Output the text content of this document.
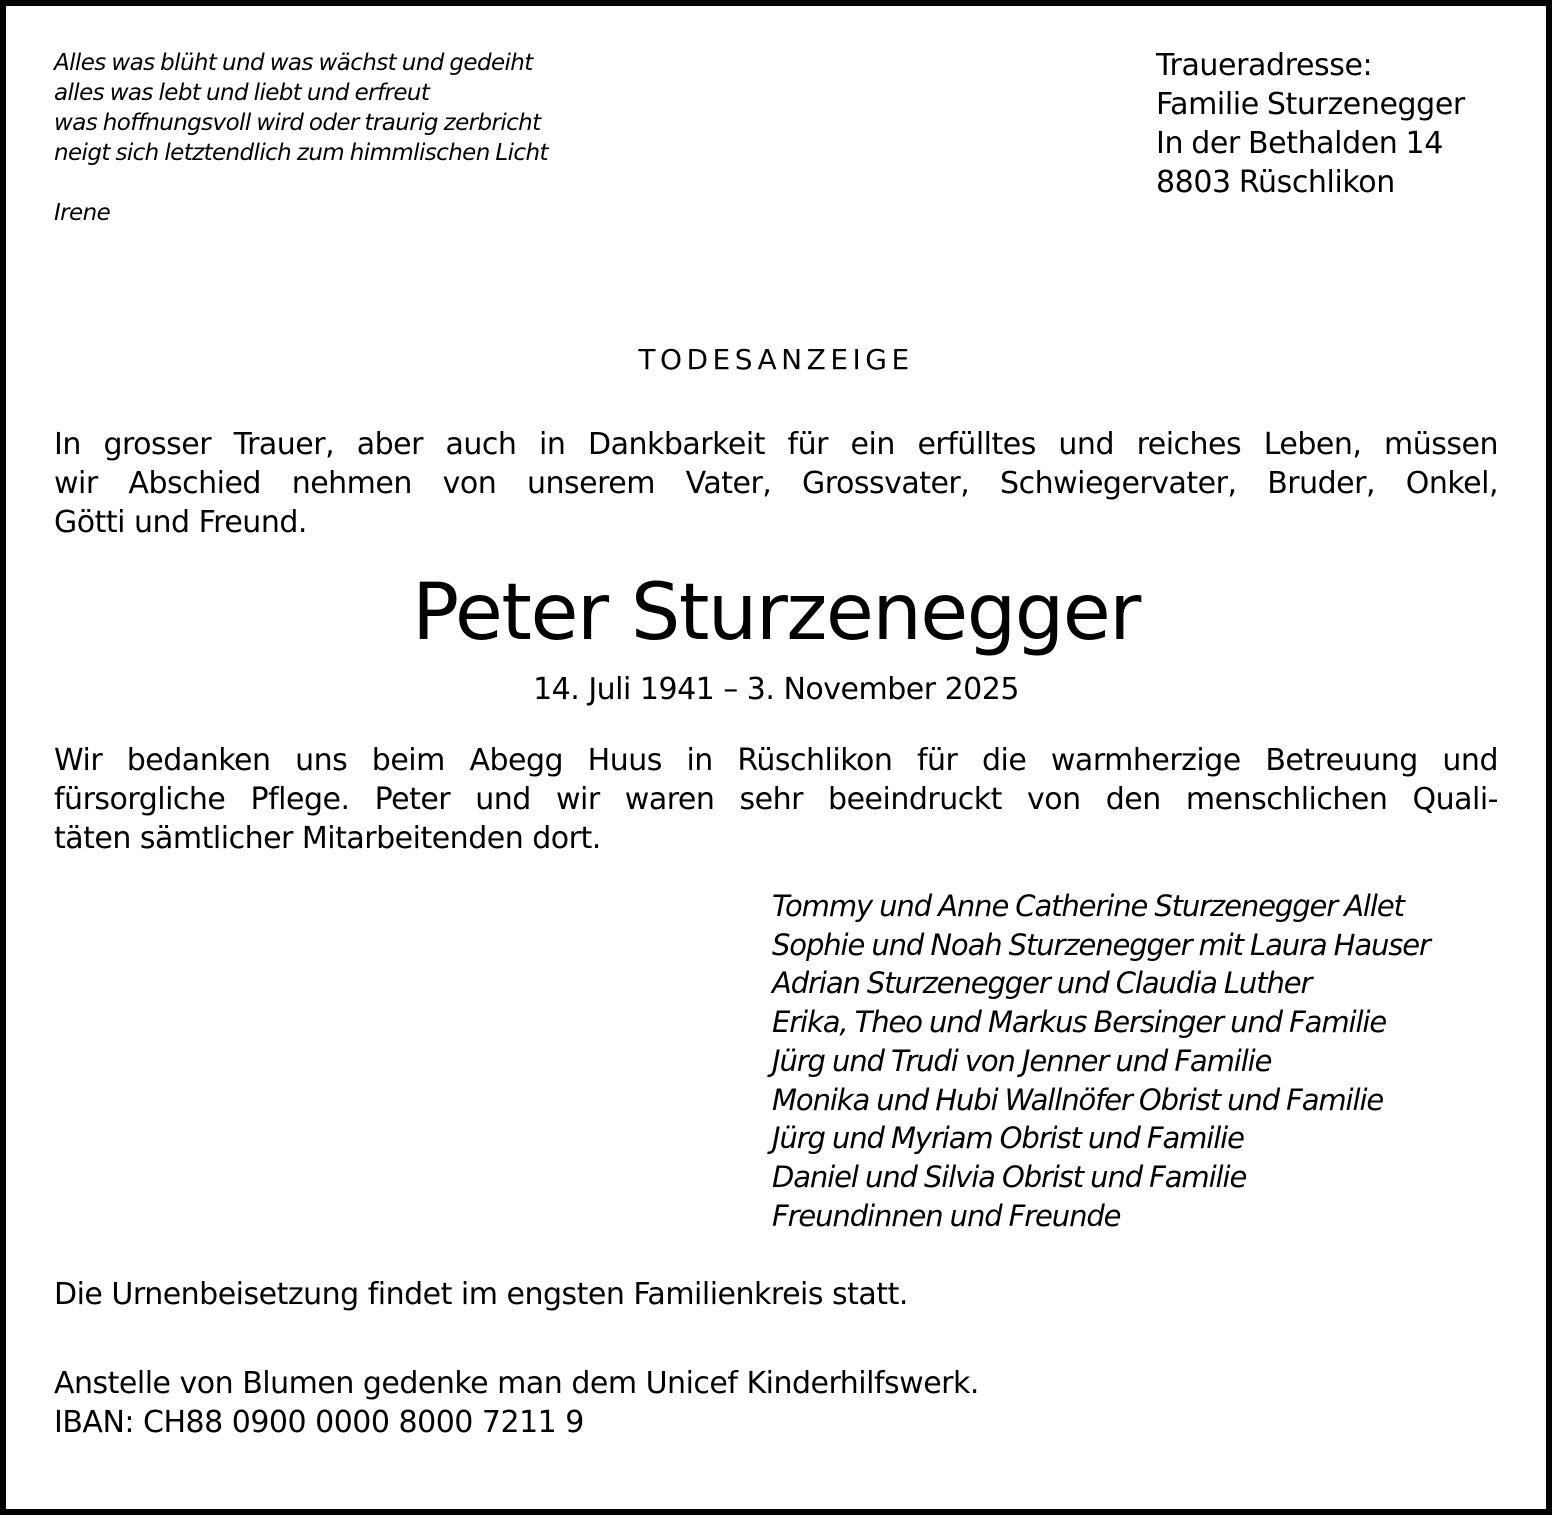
Alles was blüht und was wächst und gedeiht
alles was lebt und liebt und erfreut
was hoffnungsvoll wird oder traurig zerbricht
neigt sich letztendlich zum himmlischen Licht
Irene
Traueradresse:
Familie Sturzenegger
In der Bethalden 14
8803 Rüschlikon
TODESANZEIGE
In grosser Trauer, aber auch in Dankbarkeit für ein erfülltes und reiches Leben, müssen
wir Abschied nehmen von unserem Vater, Grossvater, Schwiegervater, Bruder, Onkel,
Götti und Freund.
Peter Sturzenegger
14. Juli 1941 – 3. November 2025
Wir bedanken uns beim Abegg Huus in Rüschlikon für die warmherzige Betreuung und
fürsorgliche Pflege. Peter und wir waren sehr beeindruckt von den menschlichen Quali-
täten sämtlicher Mitarbeitenden dort.
Tommy und Anne Catherine Sturzenegger Allet
Sophie und Noah Sturzenegger mit Laura Hauser
Adrian Sturzenegger und Claudia Luther
Erika, Theo und Markus Bersinger und Familie
Jürg und Trudi von Jenner und Familie
Monika und Hubi Wallnöfer Obrist und Familie
Jürg und Myriam Obrist und Familie
Daniel und Silvia Obrist und Familie
Freundinnen und Freunde
Die Urnenbeisetzung findet im engsten Familienkreis statt.
Anstelle von Blumen gedenke man dem Unicef Kinderhilfswerk.
IBAN: CH88 0900 0000 8000 7211 9
